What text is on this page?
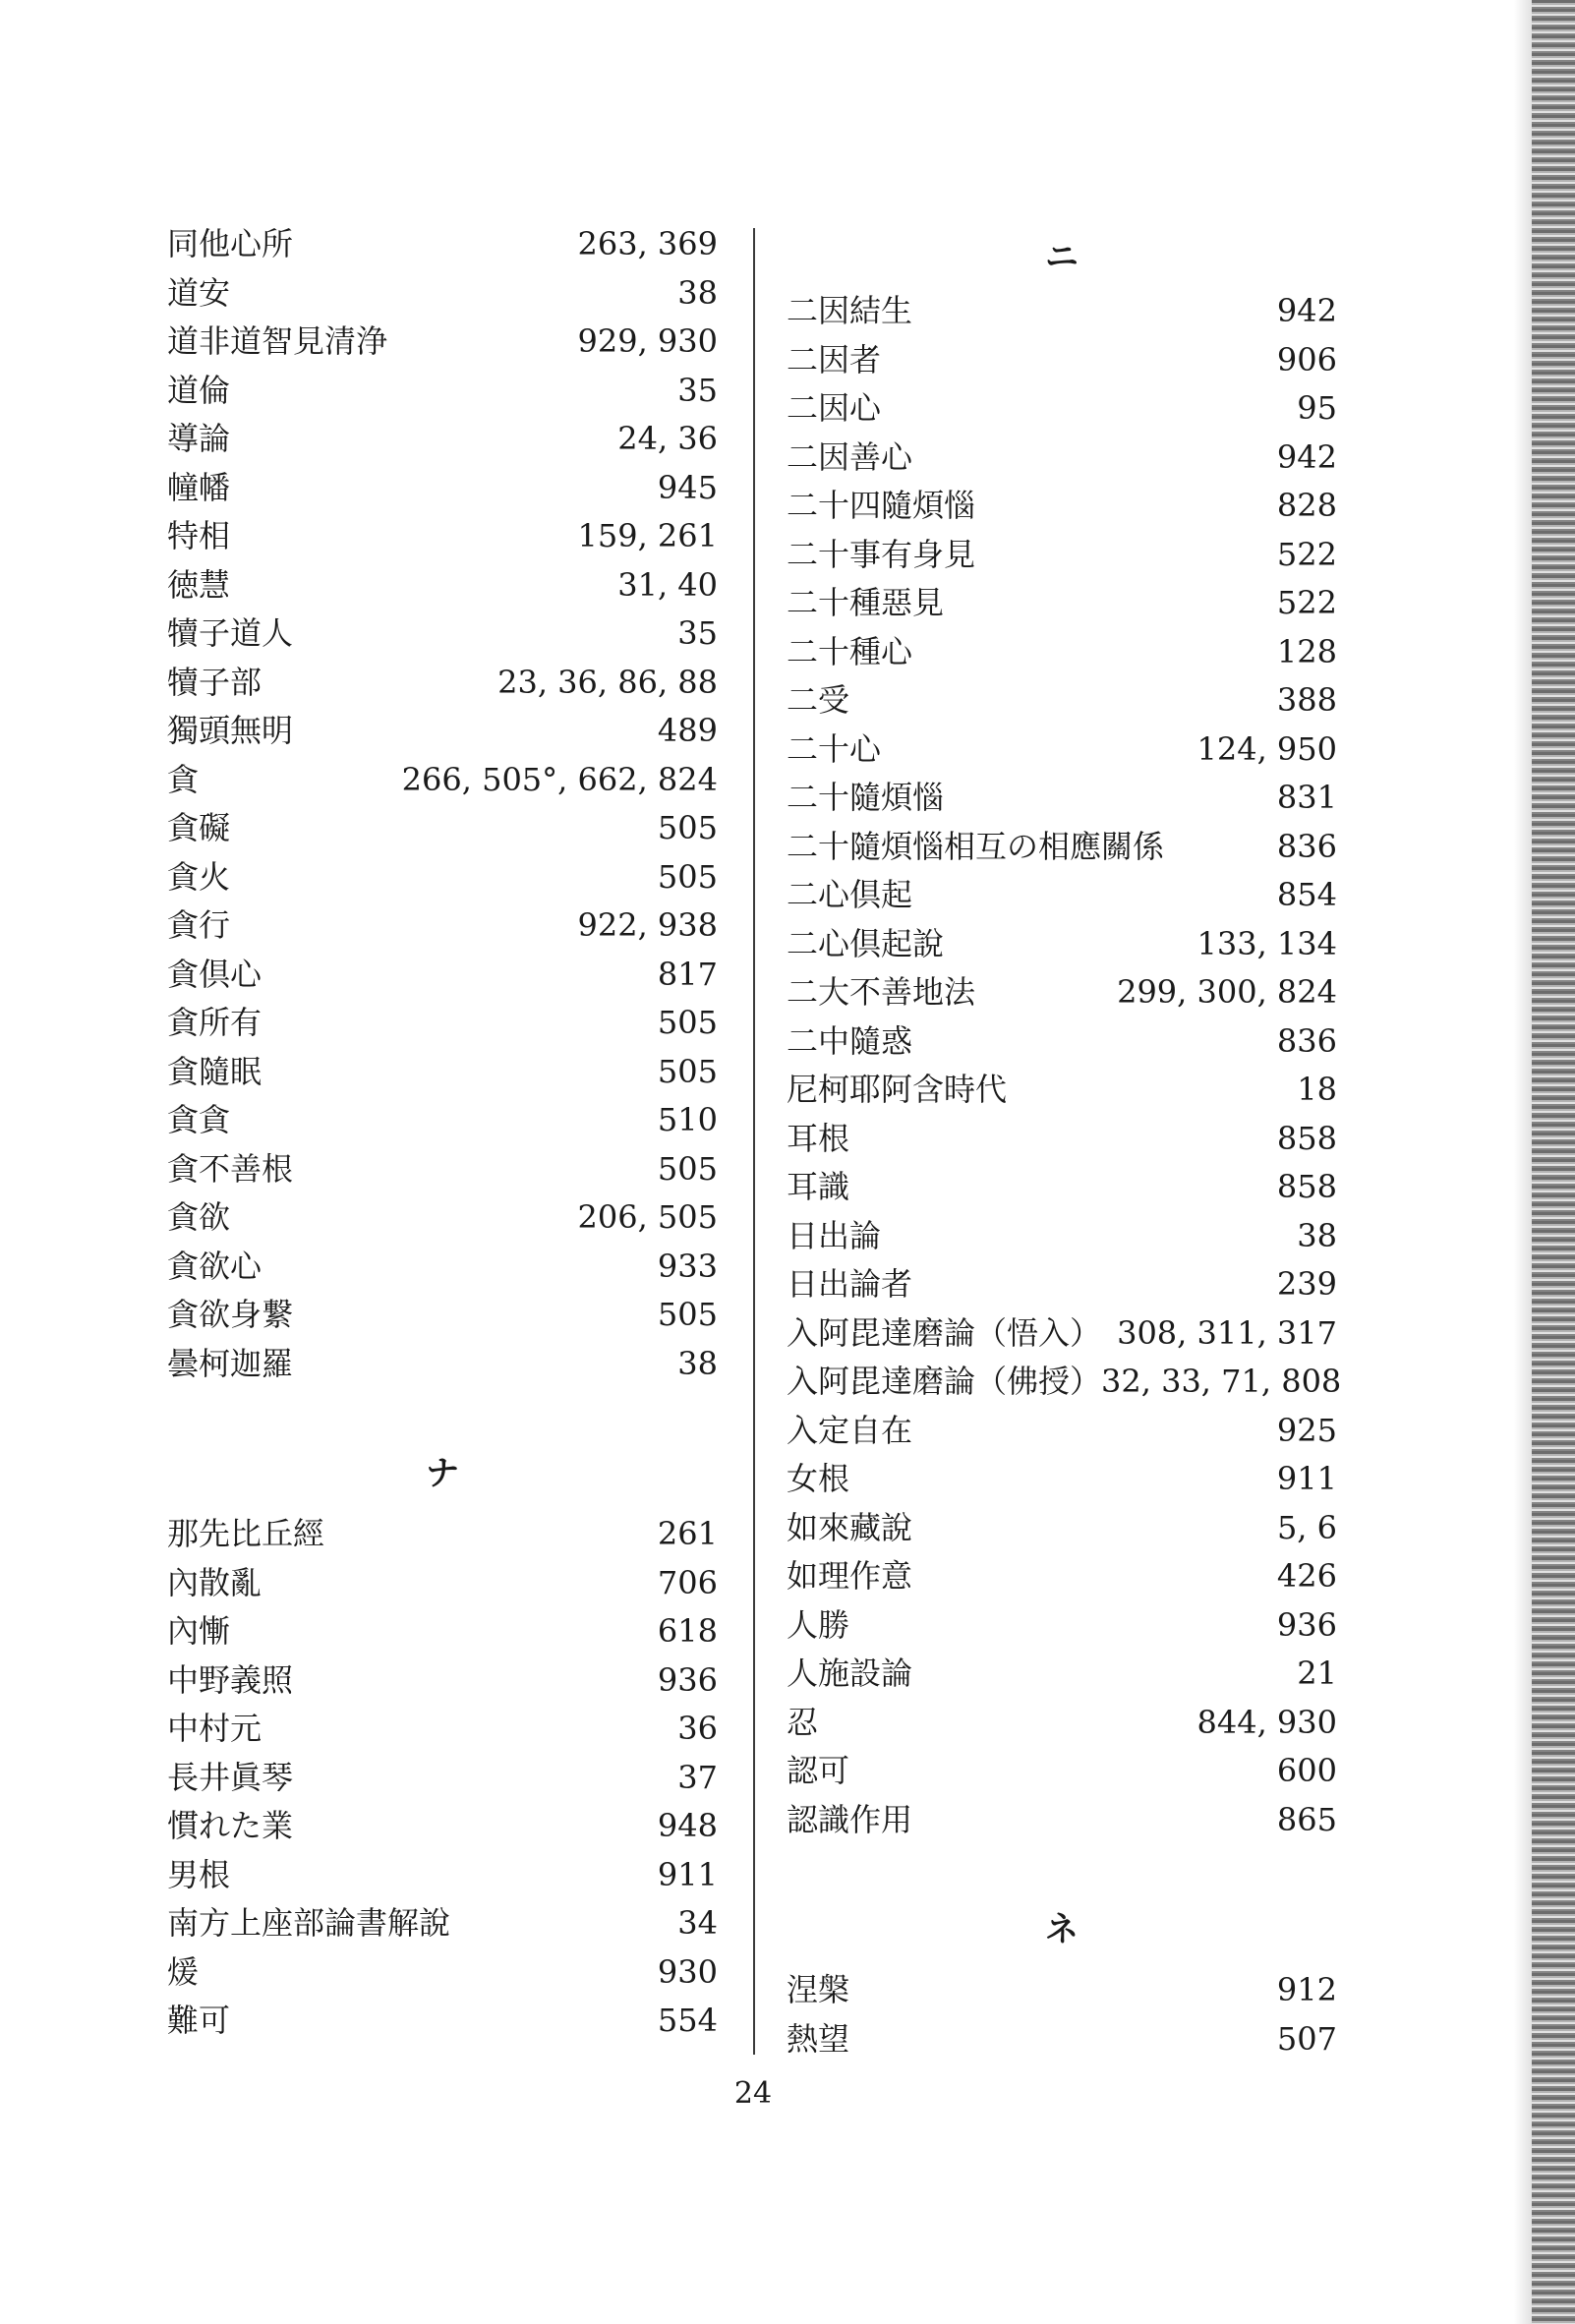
同他心所	263, 369
道安	38
道非道智見清浄	929, 930
道倫	35
導論	24, 36
幢幡	945
特相	159, 261
徳慧	31, 40
犢子道人	35
犢子部	23, 36, 86, 88
獨頭無明	489
貪	266, 505°, 662, 824
貪礙	505
貪火	505
貪行	922, 938
貪倶心	817
貪所有	505
貪隨眠	505
貪貪	510
貪不善根	505
貪欲	206, 505
貪欲心	933
貪欲身繋	505
曇柯迦羅	38
ナ
那先比丘經	261
內散亂	706
內慚	618
中野義照	936
中村元	36
長井眞琴	37
慣れた業	948
男根	911
南方上座部論書解說	34
煖	930
難可	554
ニ
二因結生	942
二因者	906
二因心	95
二因善心	942
二十四隨煩惱	828
二十事有身見	522
二十種惡見	522
二十種心	128
二受	388
二十心	124, 950
二十隨煩惱	831
二十隨煩惱相互の相應關係	836
二心倶起	854
二心倶起說	133, 134
二大不善地法	299, 300, 824
二中隨惑	836
尼柯耶阿含時代	18
耳根	858
耳識	858
日出論	38
日出論者	239
入阿毘達磨論（悟入） 308, 311, 317
入阿毘達磨論（佛授） 32, 33, 71, 808
入定自在	925
女根	911
如來藏說	5, 6
如理作意	426
人勝	936
人施設論	21
忍	844, 930
認可	600
認識作用	865
ネ
涅槃	912
熱望	507
24
